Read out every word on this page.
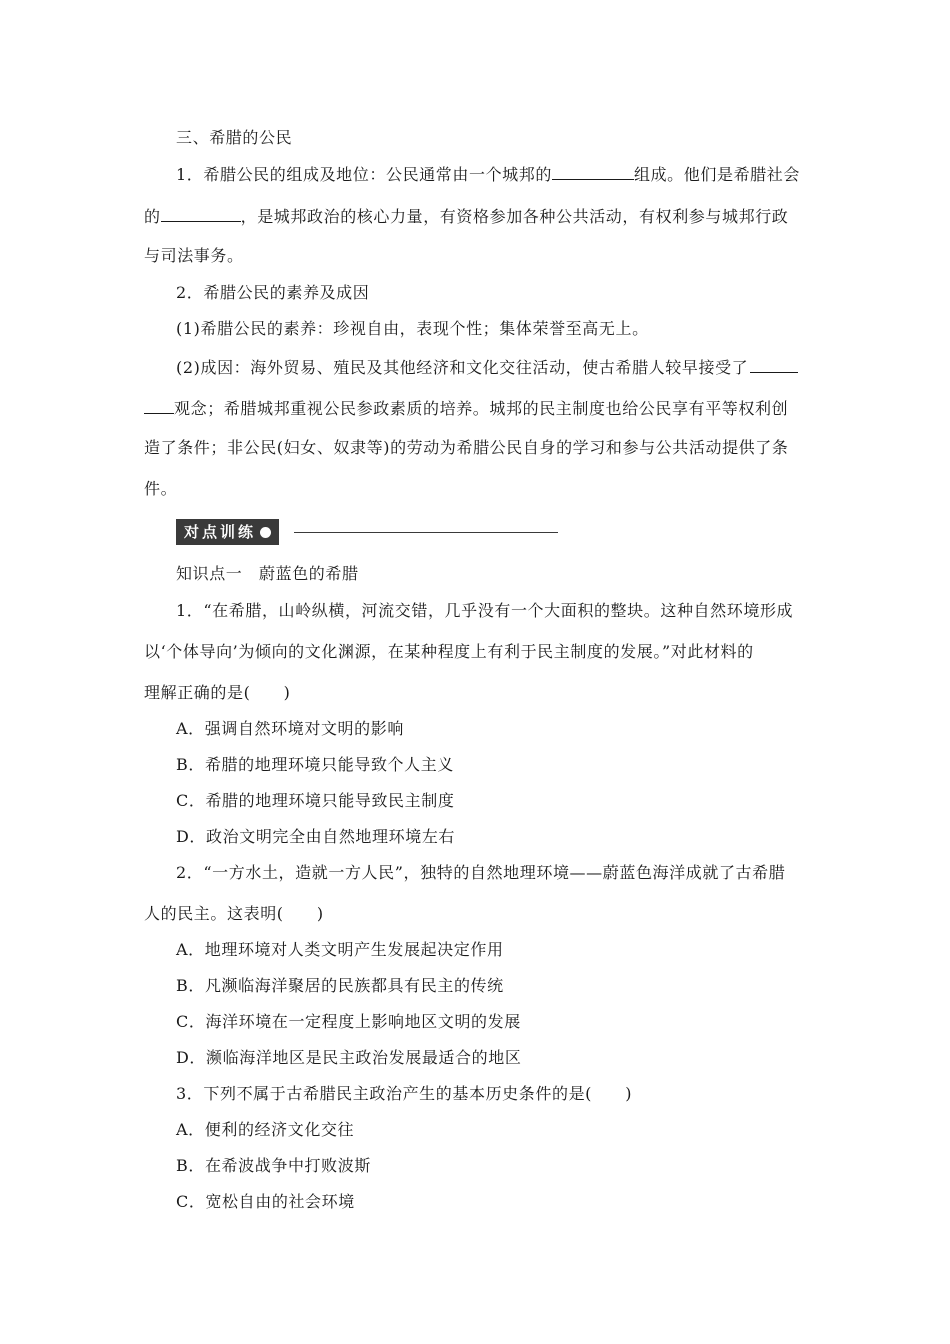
三、希腊的公民
1．希腊公民的组成及地位：公民通常由一个城邦的	组成。他们是希腊社会
的	，是城邦政治的核心力量，有资格参加各种公共活动，有权利参与城邦行政
与司法事务。
2．希腊公民的素养及成因
(1)希腊公民的素养：珍视自由，表现个性；集体荣誉至高无上。
(2)成因：海外贸易、殖民及其他经济和文化交往活动，使古希腊人较早接受了
观念；希腊城邦重视公民参政素质的培养。城邦的民主制度也给公民享有平等权利创
造了条件；非公民(妇女、奴隶等)的劳动为希腊公民自身的学习和参与公共活动提供了条
件。
对点训练
知识点一　蔚蓝色的希腊
1．“在希腊，山岭纵横，河流交错，几乎没有一个大面积的整块。这种自然环境形成
以‘个体导向’为倾向的文化渊源，在某种程度上有利于民主制度的发展。”对此材料的
理解正确的是(　　)
A．强调自然环境对文明的影响
B．希腊的地理环境只能导致个人主义
C．希腊的地理环境只能导致民主制度
D．政治文明完全由自然地理环境左右
2．“一方水土，造就一方人民”，独特的自然地理环境——蔚蓝色海洋成就了古希腊
人的民主。这表明(　　)
A．地理环境对人类文明产生发展起决定作用
B．凡濒临海洋聚居的民族都具有民主的传统
C．海洋环境在一定程度上影响地区文明的发展
D．濒临海洋地区是民主政治发展最适合的地区
3．下列不属于古希腊民主政治产生的基本历史条件的是(　　)
A．便利的经济文化交往
B．在希波战争中打败波斯
C．宽松自由的社会环境
